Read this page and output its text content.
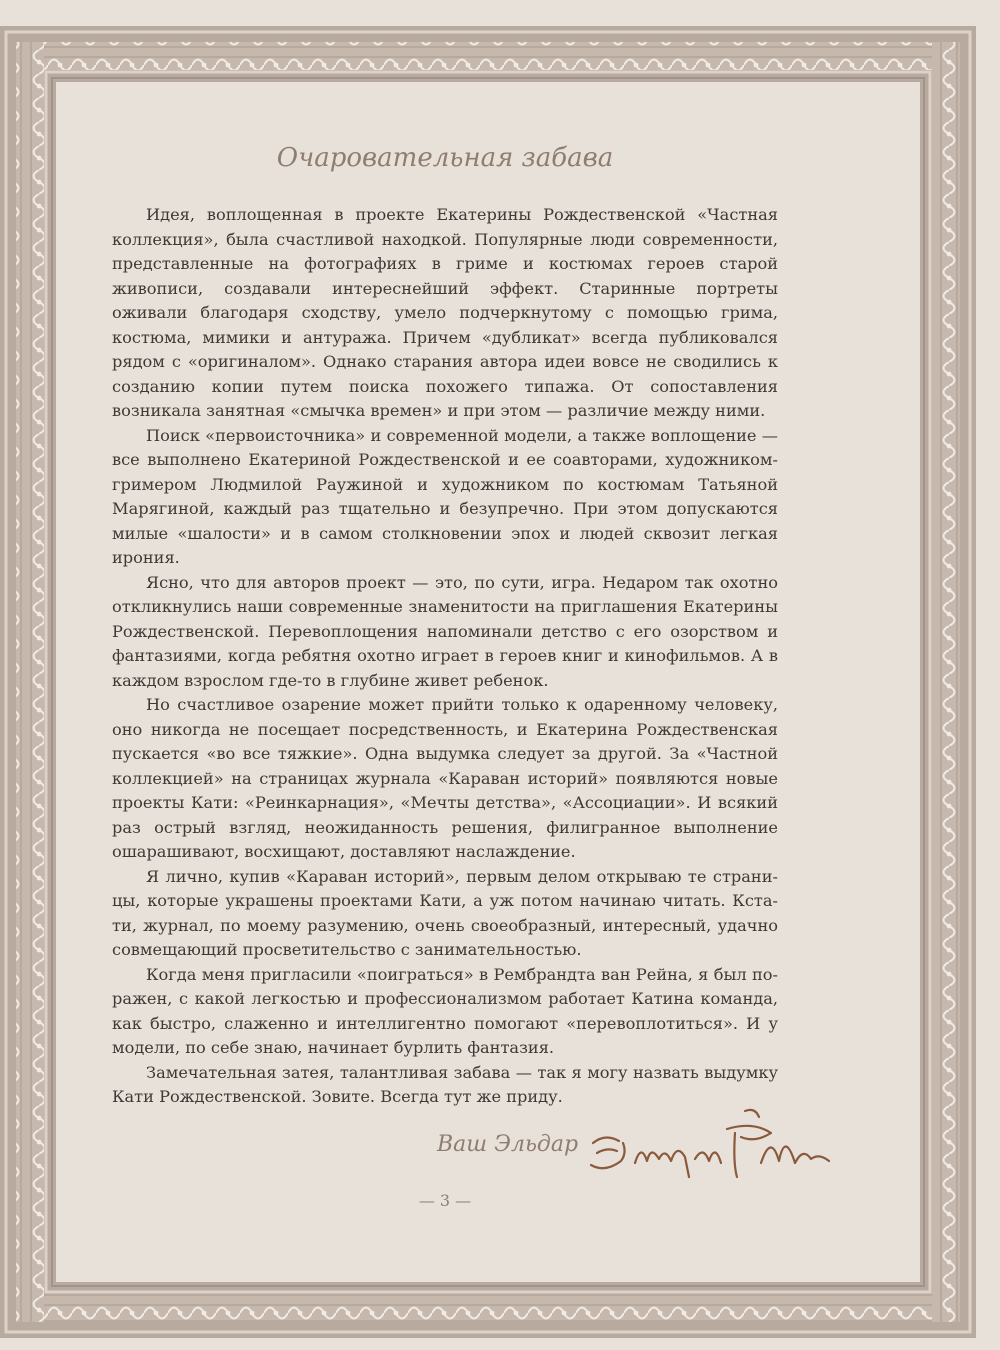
Очаровательная забава

Идея, воплощенная в проекте Екатерины Рождественской «Частная коллекция», была счастливой находкой. Популярные люди современности, представленные на фотографиях в гриме и костюмах героев старой живописи, создавали интереснейший эффект. Старинные портреты оживали благодаря сходству, умело подчеркнутому с помощью грима, костюма, мимики и антуража. Причем «дубликат» всегда публиковался рядом с «оригиналом». Однако старания автора идеи вовсе не сводились к созданию копии путем поиска похожего типажа. От сопоставления возникала занятная «смычка времен» и при этом — различие между ними.

Поиск «первоисточника» и современной модели, а также воплощение — все выполнено Екатериной Рождественской и ее соавторами, художником-гримером Людмилой Раужиной и художником по костюмам Татьяной Марягиной, каждый раз тщательно и безупречно. При этом допускаются милые «шалости» и в самом столкновении эпох и людей сквозит легкая ирония.

Ясно, что для авторов проект — это, по сути, игра. Недаром так охотно откликнулись наши современные знаменитости на приглашения Екатерины Рождественской. Перевоплощения напоминали детство с его озорством и фантазиями, когда ребятня охотно играет в героев книг и кинофильмов. А в каждом взрослом где-то в глубине живет ребенок.

Но счастливое озарение может прийти только к одаренному человеку, оно никогда не посещает посредственность, и Екатерина Рождественская пускается «во все тяжкие». Одна выдумка следует за другой. За «Частной коллекцией» на страницах журнала «Караван историй» появляются новые проекты Кати: «Реинкарнация», «Мечты детства», «Ассоциации». И всякий раз острый взгляд, неожиданность решения, филигранное выполнение ошарашивают, восхищают, доставляют наслаждение.

Я лично, купив «Караван историй», первым делом открываю те страницы, которые украшены проектами Кати, а уж потом начинаю читать. Кстати, журнал, по моему разумению, очень своеобразный, интересный, удачно совмещающий просветительство с занимательностью.

Когда меня пригласили «поиграться» в Рембрандта ван Рейна, я был поражен, с какой легкостью и профессионализмом работает Катина команда, как быстро, слаженно и интеллигентно помогают «перевоплотиться». И у модели, по себе знаю, начинает бурлить фантазия.

Замечательная затея, талантливая забава — так я могу назвать выдумку Кати Рождественской. Зовите. Всегда тут же приду.

Ваш Эльдар
— 3 —
